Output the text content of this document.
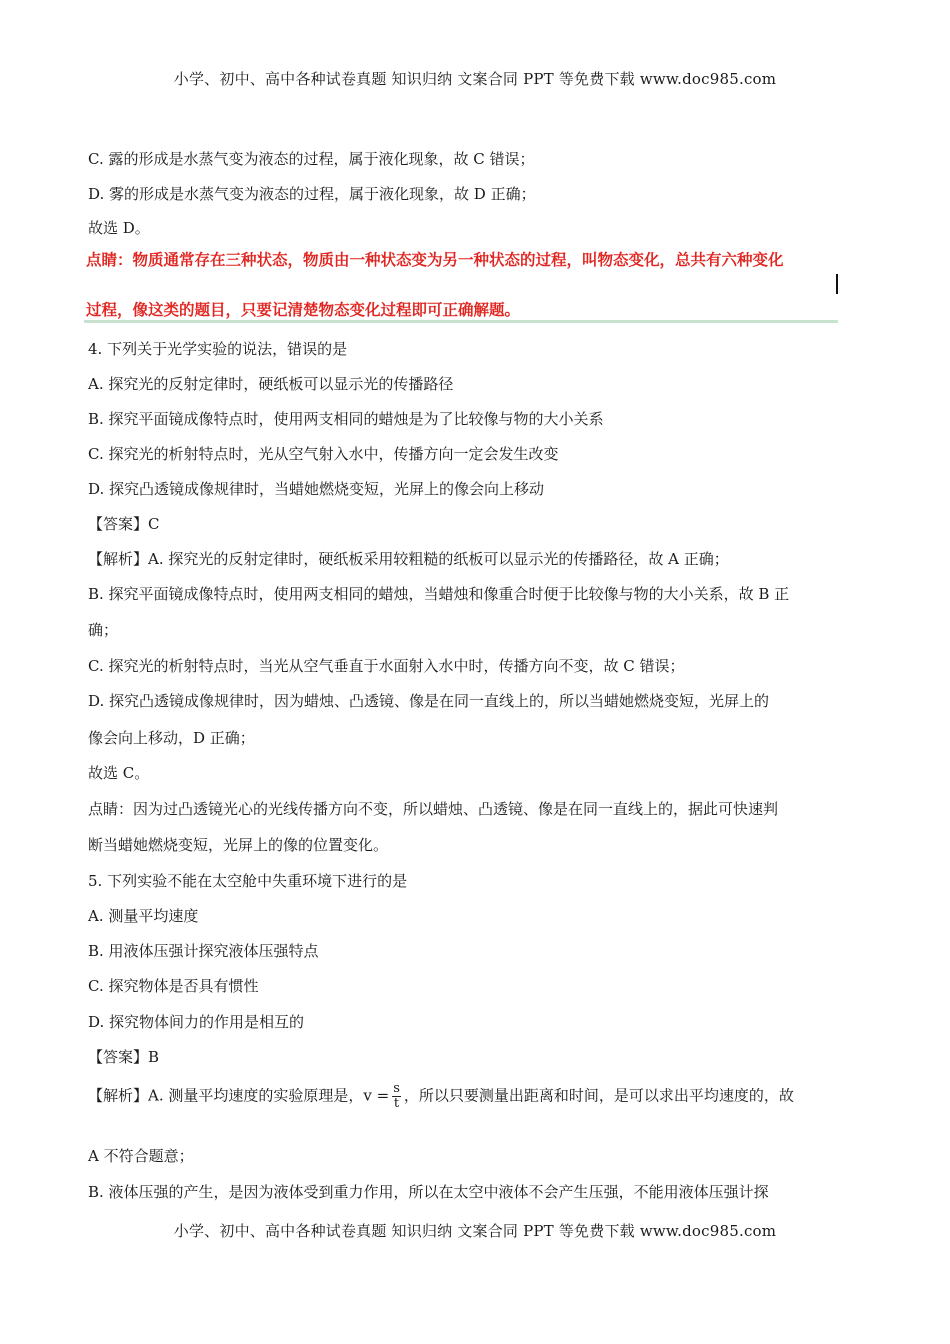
小学、初中、高中各种试卷真题 知识归纳 文案合同 PPT 等免费下载 www.doc985.com
C. 露的形成是水蒸气变为液态的过程，属于液化现象，故 C 错误；
D. 雾的形成是水蒸气变为液态的过程，属于液化现象，故 D 正确；
故选 D。
点睛：物质通常存在三种状态，物质由一种状态变为另一种状态的过程，叫物态变化，总共有六种变化
过程，像这类的题目，只要记清楚物态变化过程即可正确解题。
4. 下列关于光学实验的说法，错误的是
A. 探究光的反射定律时，硬纸板可以显示光的传播路径
B. 探究平面镜成像特点时，使用两支相同的蜡烛是为了比较像与物的大小关系
C. 探究光的析射特点时，光从空气射入水中，传播方向一定会发生改变
D. 探究凸透镜成像规律时，当蜡她燃烧变短，光屏上的像会向上移动
【答案】C
【解析】A. 探究光的反射定律时，硬纸板采用较粗糙的纸板可以显示光的传播路径，故 A 正确；
B. 探究平面镜成像特点时，使用两支相同的蜡烛，当蜡烛和像重合时便于比较像与物的大小关系，故 B 正
确；
C. 探究光的析射特点时，当光从空气垂直于水面射入水中时，传播方向不变，故 C 错误；
D. 探究凸透镜成像规律时，因为蜡烛、凸透镜、像是在同一直线上的，所以当蜡她燃烧变短，光屏上的
像会向上移动，D 正确；
故选 C。
点睛：因为过凸透镜光心的光线传播方向不变，所以蜡烛、凸透镜、像是在同一直线上的，据此可快速判
断当蜡她燃烧变短，光屏上的像的位置变化。
5. 下列实验不能在太空舱中失重环境下进行的是
A. 测量平均速度
B. 用液体压强计探究液体压强特点
C. 探究物体是否具有惯性
D. 探究物体间力的作用是相互的
【答案】B
【解析】A. 测量平均速度的实验原理是，$v = \frac{s}{t}$ ，所以只要测量出距离和时间，是可以求出平均速度的，故
A 不符合题意；
B. 液体压强的产生，是因为液体受到重力作用，所以在太空中液体不会产生压强，不能用液体压强计探
小学、初中、高中各种试卷真题 知识归纳 文案合同 PPT 等免费下载 www.doc985.com
